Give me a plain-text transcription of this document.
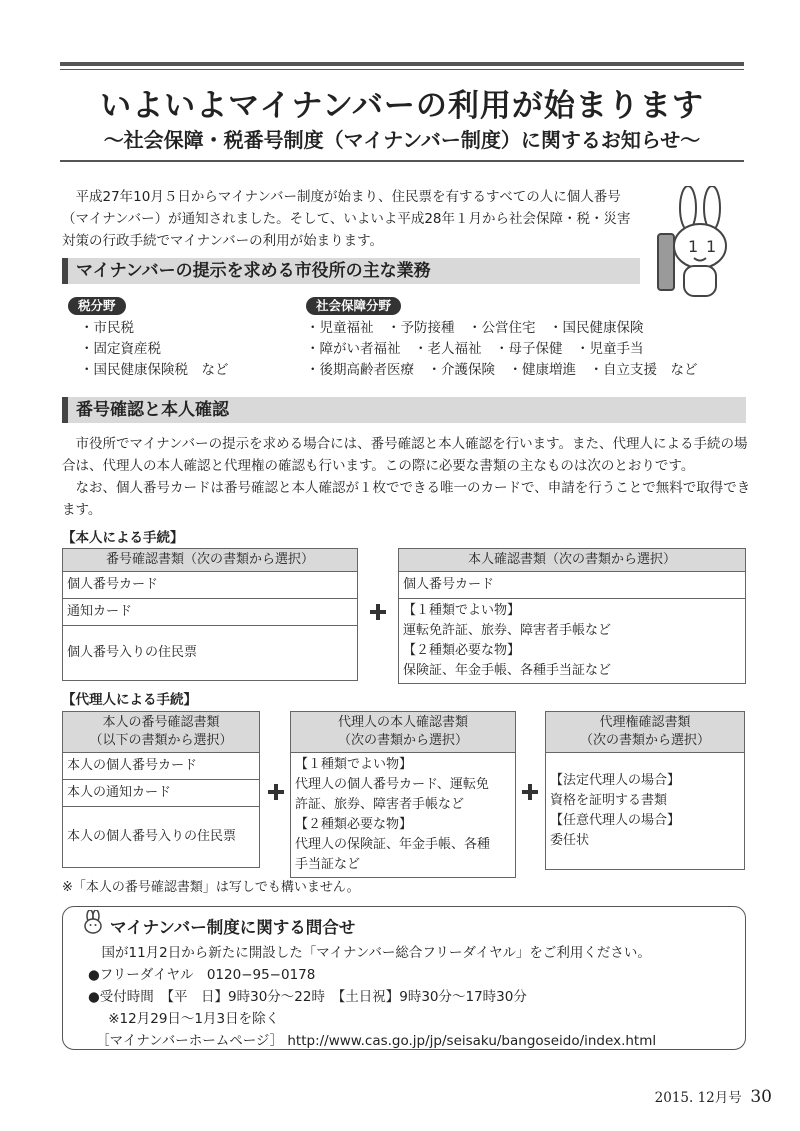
いよいよマイナンバーの利用が始まります
〜社会保障・税番号制度（マイナンバー制度）に関するお知らせ〜

平成27年10月５日からマイナンバー制度が始まり、住民票を有するすべての人に個人番号（マイナンバー）が通知されました。そして、いよいよ平成28年１月から社会保障・税・災害対策の行政手続でマイナンバーの利用が始まります。	1 1
マイナンバーの提示を求める市役所の主な業務
税分野
・市民税
・固定資産税
・国民健康保険税　など
社会保障分野
・児童福祉　・予防接種　・公営住宅　・国民健康保険
・障がい者福祉　・老人福祉　・母子保健　・児童手当
・後期高齢者医療　・介護保険　・健康増進　・自立支援　など
番号確認と本人確認

市役所でマイナンバーの提示を求める場合には、番号確認と本人確認を行います。また、代理人による手続の場合は、代理人の本人確認と代理権の確認も行います。この際に必要な書類の主なものは次のとおりです。

なお、個人番号カードは番号確認と本人確認が１枚でできる唯一のカードで、申請を行うことで無料で取得できます。

【本人による手続】
番号確認書類（次の書類から選択）
個人番号カード
通知カード
個人番号入りの住民票
本人確認書類（次の書類から選択）
個人番号カード

【１種類でよい物】
運転免許証、旅券、障害者手帳など
【２種類必要な物】
保険証、年金手帳、各種手当証など
【代理人による手続】
本人の番号確認書類
（以下の書類から選択）

本人の個人番号カード
本人の通知カード
本人の個人番号入りの住民票
代理人の本人確認書類
（次の書類から選択）

【１種類でよい物】
代理人の個人番号カード、運転免
許証、旅券、障害者手帳など
【２種類必要な物】
代理人の保険証、年金手帳、各種
手当証など
代理権確認書類
（次の書類から選択）

【法定代理人の場合】
資格を証明する書類
【任意代理人の場合】
委任状
※「本人の番号確認書類」は写しでも構いません。
マイナンバー制度に関する問合せ

国が11月2日から新たに開設した「マイナンバー総合フリーダイヤル」をご利用ください。

●フリーダイヤル　0120−95−0178

●受付時間　【平　日】9時30分〜22時　【土日祝】9時30分〜17時30分

※12月29日〜1月3日を除く

［マイナンバーホームページ］ http://www.cas.go.jp/jp/seisaku/bangoseido/index.html

2015. 12月号 30
